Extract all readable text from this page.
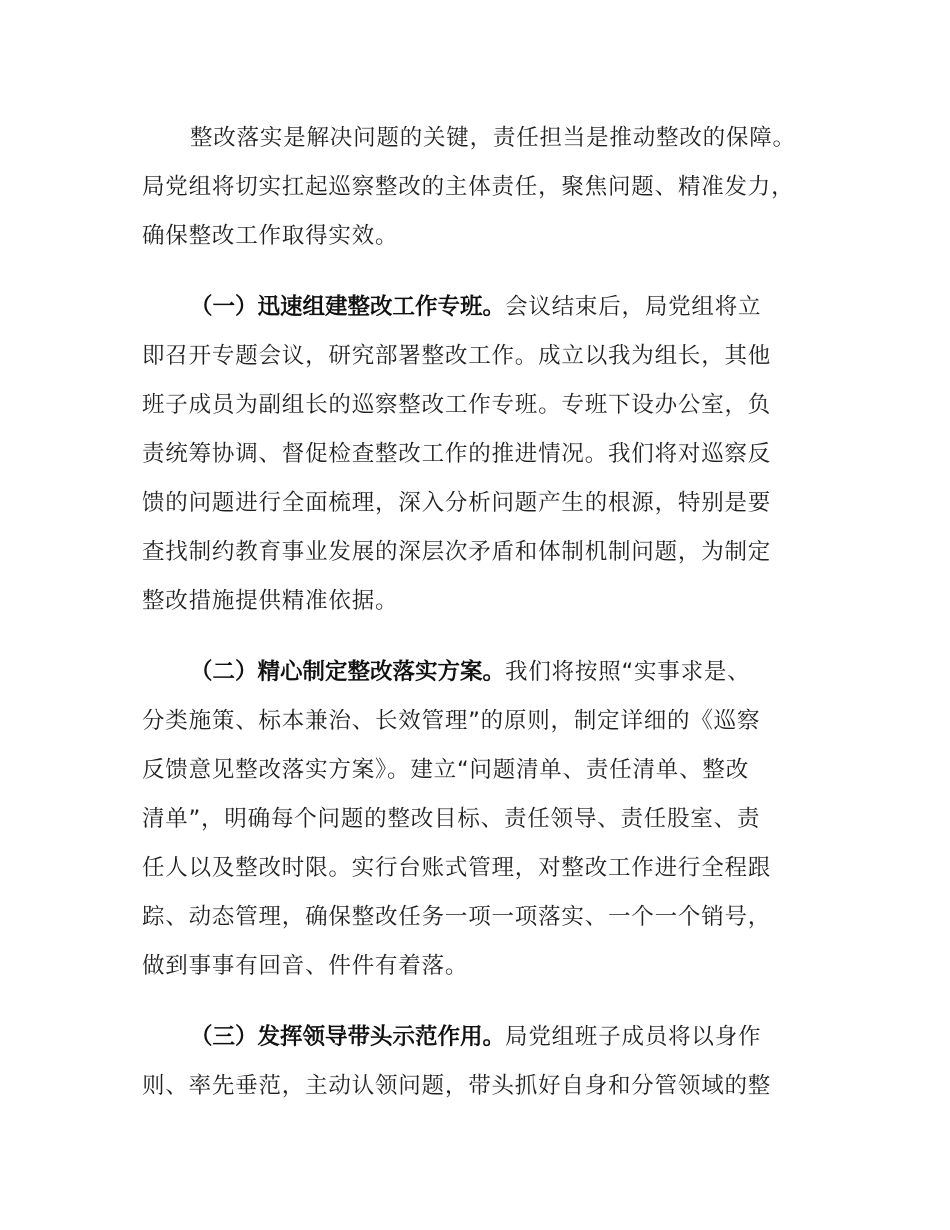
整改落实是解决问题的关键，责任担当是推动整改的保障。
局党组将切实扛起巡察整改的主体责任，聚焦问题、精准发力，
确保整改工作取得实效。
（一）迅速组建整改工作专班。会议结束后，局党组将立
即召开专题会议，研究部署整改工作。成立以我为组长，其他
班子成员为副组长的巡察整改工作专班。专班下设办公室，负
责统筹协调、督促检查整改工作的推进情况。我们将对巡察反
馈的问题进行全面梳理，深入分析问题产生的根源，特别是要
查找制约教育事业发展的深层次矛盾和体制机制问题，为制定
整改措施提供精准依据。
（二）精心制定整改落实方案。我们将按照“实事求是、
分类施策、标本兼治、长效管理”的原则，制定详细的《巡察
反馈意见整改落实方案》。建立“问题清单、责任清单、整改
清单”，明确每个问题的整改目标、责任领导、责任股室、责
任人以及整改时限。实行台账式管理，对整改工作进行全程跟
踪、动态管理，确保整改任务一项一项落实、一个一个销号，
做到事事有回音、件件有着落。
（三）发挥领导带头示范作用。局党组班子成员将以身作
则、率先垂范，主动认领问题，带头抓好自身和分管领域的整
